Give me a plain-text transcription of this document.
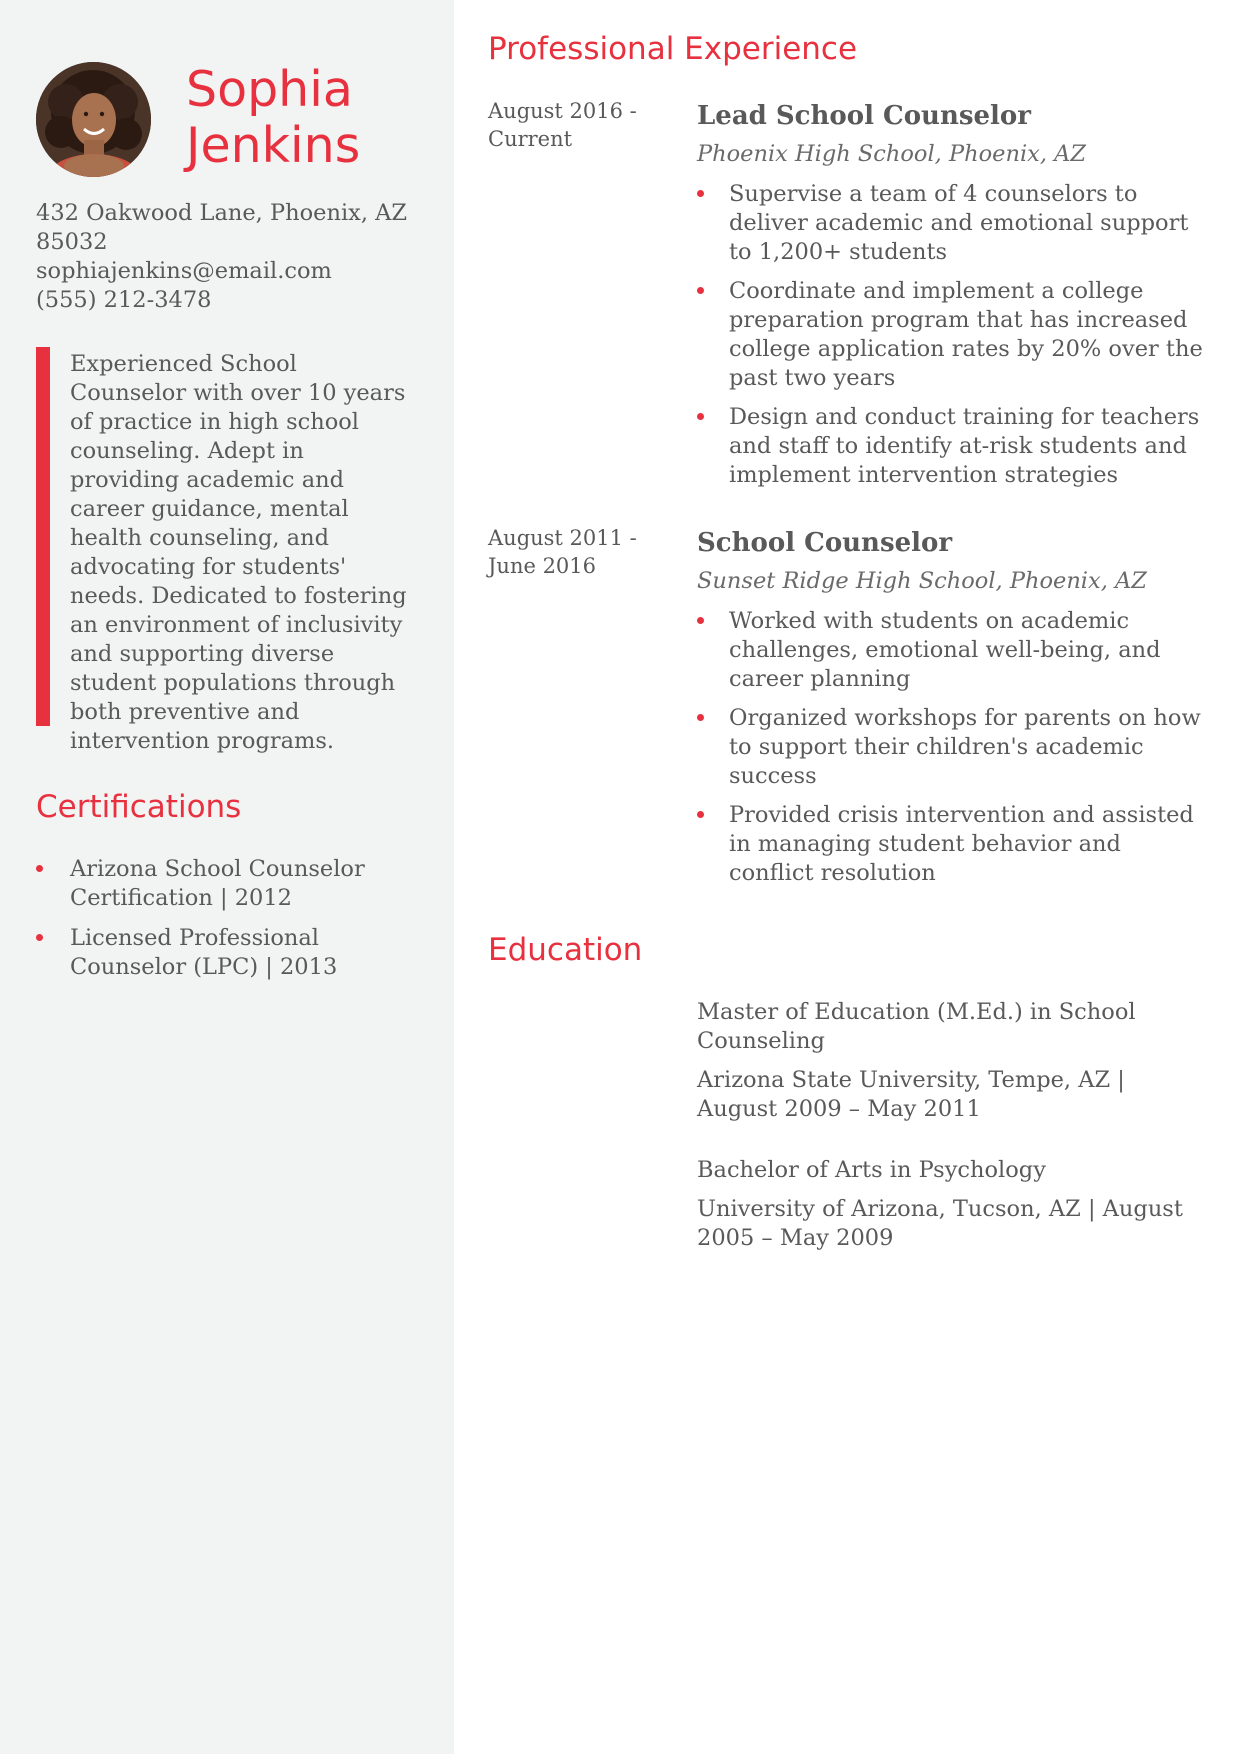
Sophia
Jenkins
432 Oakwood Lane, Phoenix, AZ 85032
sophiajenkins@email.com
(555) 212-3478
Experienced School Counselor with over 10 years of practice in high school counseling. Adept in providing academic and career guidance, mental health counseling, and advocating for students' needs. Dedicated to fostering an environment of inclusivity and supporting diverse student populations through both preventive and intervention programs.
Certifications
Arizona School Counselor Certification | 2012
Licensed Professional Counselor (LPC) | 2013
Professional Experience
August 2016 - Current
Lead School Counselor
Phoenix High School, Phoenix, AZ
Supervise a team of 4 counselors to deliver academic and emotional support to 1,200+ students
Coordinate and implement a college preparation program that has increased college application rates by 20% over the past two years
Design and conduct training for teachers and staff to identify at-risk students and implement intervention strategies
August 2011 - June 2016
School Counselor
Sunset Ridge High School, Phoenix, AZ
Worked with students on academic challenges, emotional well-being, and career planning
Organized workshops for parents on how to support their children's academic success
Provided crisis intervention and assisted in managing student behavior and conflict resolution
Education
Master of Education (M.Ed.) in School Counseling
Arizona State University, Tempe, AZ | August 2009 – May 2011
Bachelor of Arts in Psychology
University of Arizona, Tucson, AZ | August 2005 – May 2009
